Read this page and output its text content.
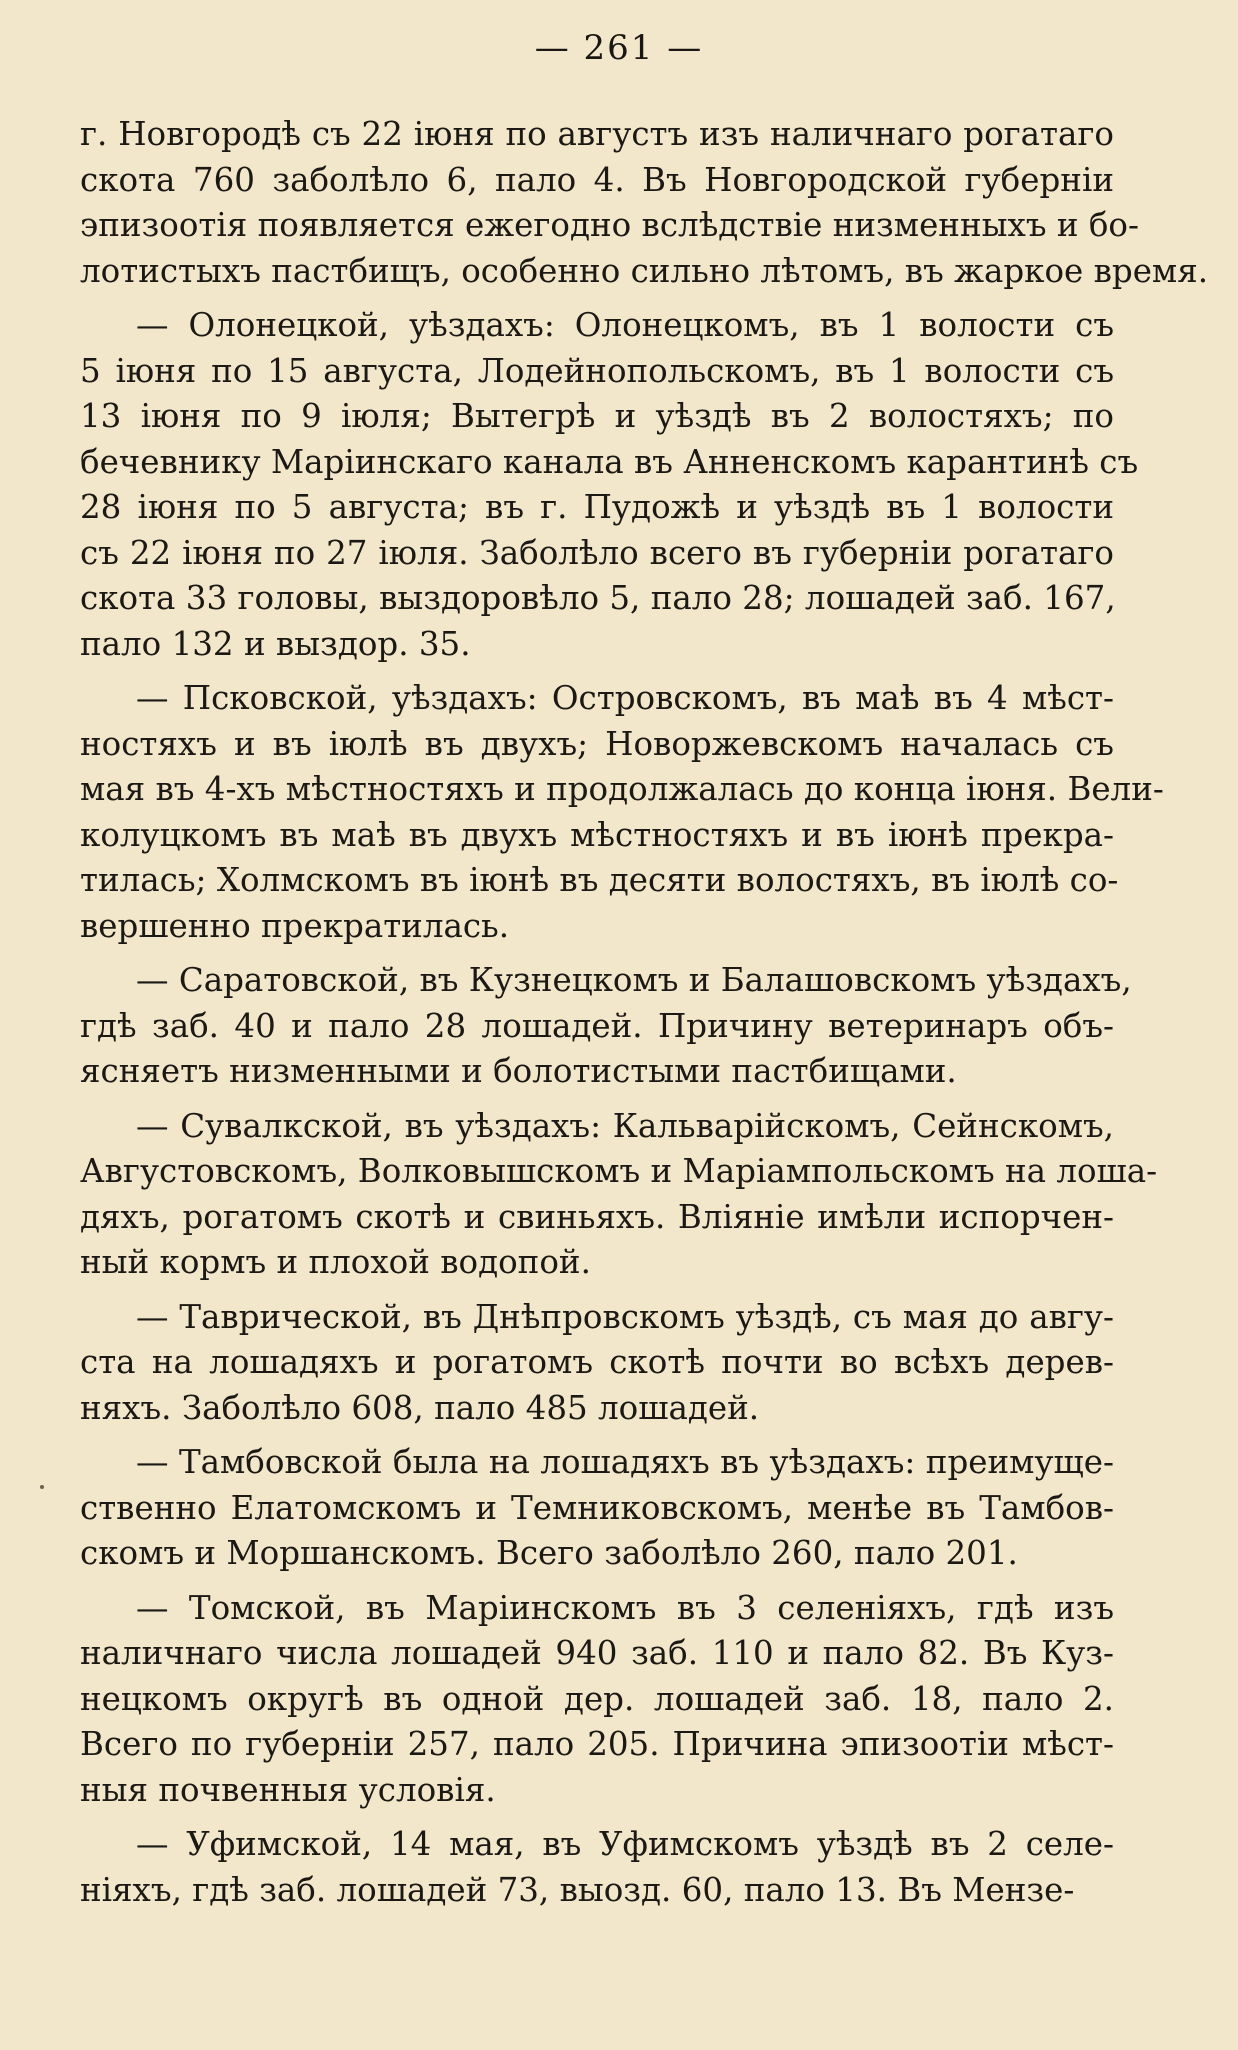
— 261 —
г. Новгородѣ съ 22 іюня по августъ изъ наличнаго рогатаго
скота 760 заболѣло 6, пало 4. Въ Новгородской губерніи
эпизоотія появляется ежегодно вслѣдствіе низменныхъ и бо-
лотистыхъ пастбищъ, особенно сильно лѣтомъ, въ жаркое время.
— Олонецкой, уѣздахъ: Олонецкомъ, въ 1 волости съ
5 іюня по 15 августа, Лодейнопольскомъ, въ 1 волости съ
13 іюня по 9 іюля; Вытегрѣ и уѣздѣ въ 2 волостяхъ; по
бечевнику Маріинскаго канала въ Анненскомъ карантинѣ съ
28 іюня по 5 августа; въ г. Пудожѣ и уѣздѣ въ 1 волости
съ 22 іюня по 27 іюля. Заболѣло всего въ губерніи рогатаго
скота 33 головы, выздоровѣло 5, пало 28; лошадей заб. 167,
пало 132 и выздор. 35.
— Псковской, уѣздахъ: Островскомъ, въ маѣ въ 4 мѣст-
ностяхъ и въ іюлѣ въ двухъ; Новоржевскомъ началась съ
мая въ 4-хъ мѣстностяхъ и продолжалась до конца іюня. Вели-
колуцкомъ въ маѣ въ двухъ мѣстностяхъ и въ іюнѣ прекра-
тилась; Холмскомъ въ іюнѣ въ десяти волостяхъ, въ іюлѣ со-
вершенно прекратилась.
— Саратовской, въ Кузнецкомъ и Балашовскомъ уѣздахъ,
гдѣ заб. 40 и пало 28 лошадей. Причину ветеринаръ объ-
ясняетъ низменными и болотистыми пастбищами.
— Сувалкской, въ уѣздахъ: Кальварійскомъ, Сейнскомъ,
Августовскомъ, Волковышскомъ и Маріампольскомъ на лоша-
дяхъ, рогатомъ скотѣ и свиньяхъ. Вліяніе имѣли испорчен-
ный кормъ и плохой водопой.
— Таврической, въ Днѣпровскомъ уѣздѣ, съ мая до авгу-
ста на лошадяхъ и рогатомъ скотѣ почти во всѣхъ дерев-
няхъ. Заболѣло 608, пало 485 лошадей.
— Тамбовской была на лошадяхъ въ уѣздахъ: преимуще-
ственно Елатомскомъ и Темниковскомъ, менѣе въ Тамбов-
скомъ и Моршанскомъ. Всего заболѣло 260, пало 201.
— Томской, въ Маріинскомъ въ 3 селеніяхъ, гдѣ изъ
наличнаго числа лошадей 940 заб. 110 и пало 82. Въ Куз-
нецкомъ округѣ въ одной дер. лошадей заб. 18, пало 2.
Всего по губерніи 257, пало 205. Причина эпизоотіи мѣст-
ныя почвенныя условія.
— Уфимской, 14 мая, въ Уфимскомъ уѣздѣ въ 2 селе-
ніяхъ, гдѣ заб. лошадей 73, выозд. 60, пало 13. Въ Мензе-
